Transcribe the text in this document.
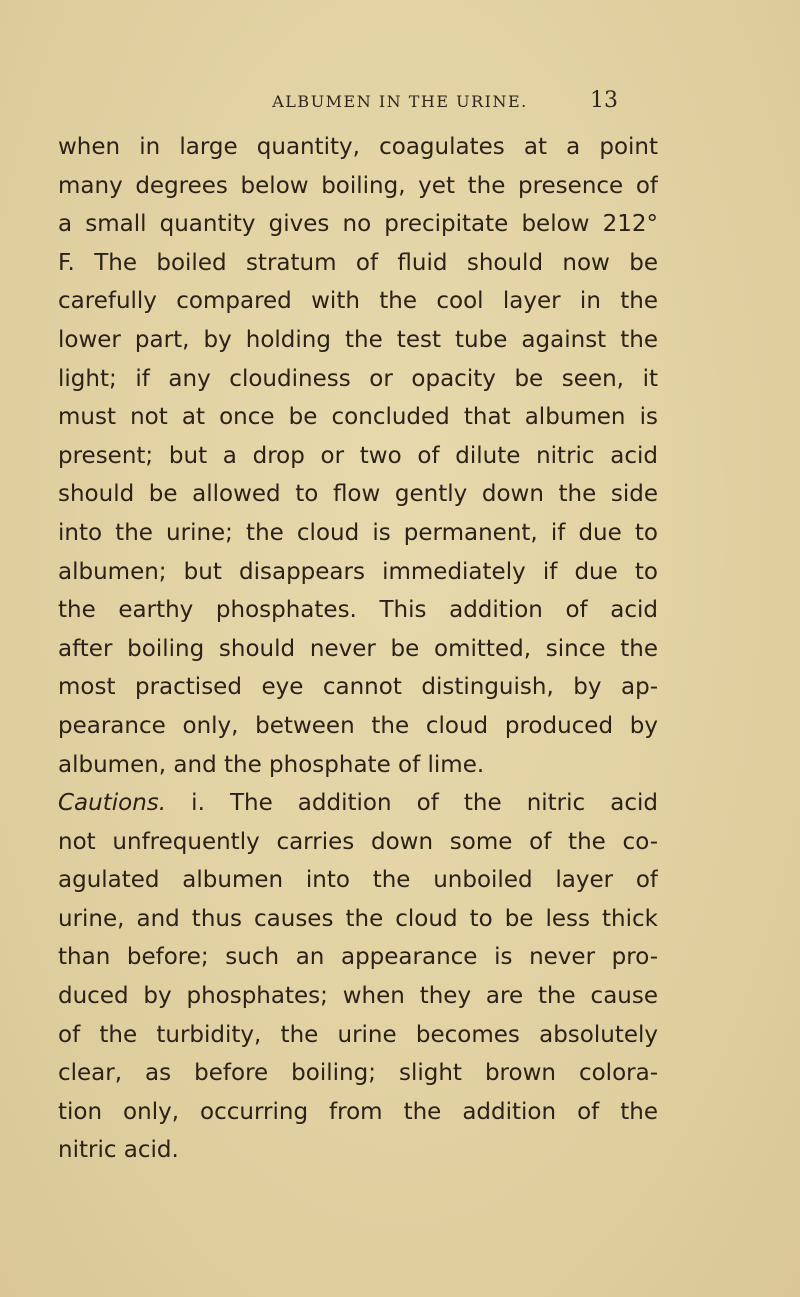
ALBUMEN IN THE URINE.	13
when in large quantity, coagulates at a point
many degrees below boiling, yet the presence of
a small quantity gives no precipitate below 212°
F. The boiled stratum of fluid should now be
carefully compared with the cool layer in the
lower part, by holding the test tube against the
light; if any cloudiness or opacity be seen, it
must not at once be concluded that albumen is
present; but a drop or two of dilute nitric acid
should be allowed to flow gently down the side
into the urine; the cloud is permanent, if due to
albumen; but disappears immediately if due to
the earthy phosphates. This addition of acid
after boiling should never be omitted, since the
most practised eye cannot distinguish, by ap-
pearance only, between the cloud produced by
albumen, and the phosphate of lime.
Cautions. i. The addition of the nitric acid
not unfrequently carries down some of the co-
agulated albumen into the unboiled layer of
urine, and thus causes the cloud to be less thick
than before; such an appearance is never pro-
duced by phosphates; when they are the cause
of the turbidity, the urine becomes absolutely
clear, as before boiling; slight brown colora-
tion only, occurring from the addition of the
nitric acid.
